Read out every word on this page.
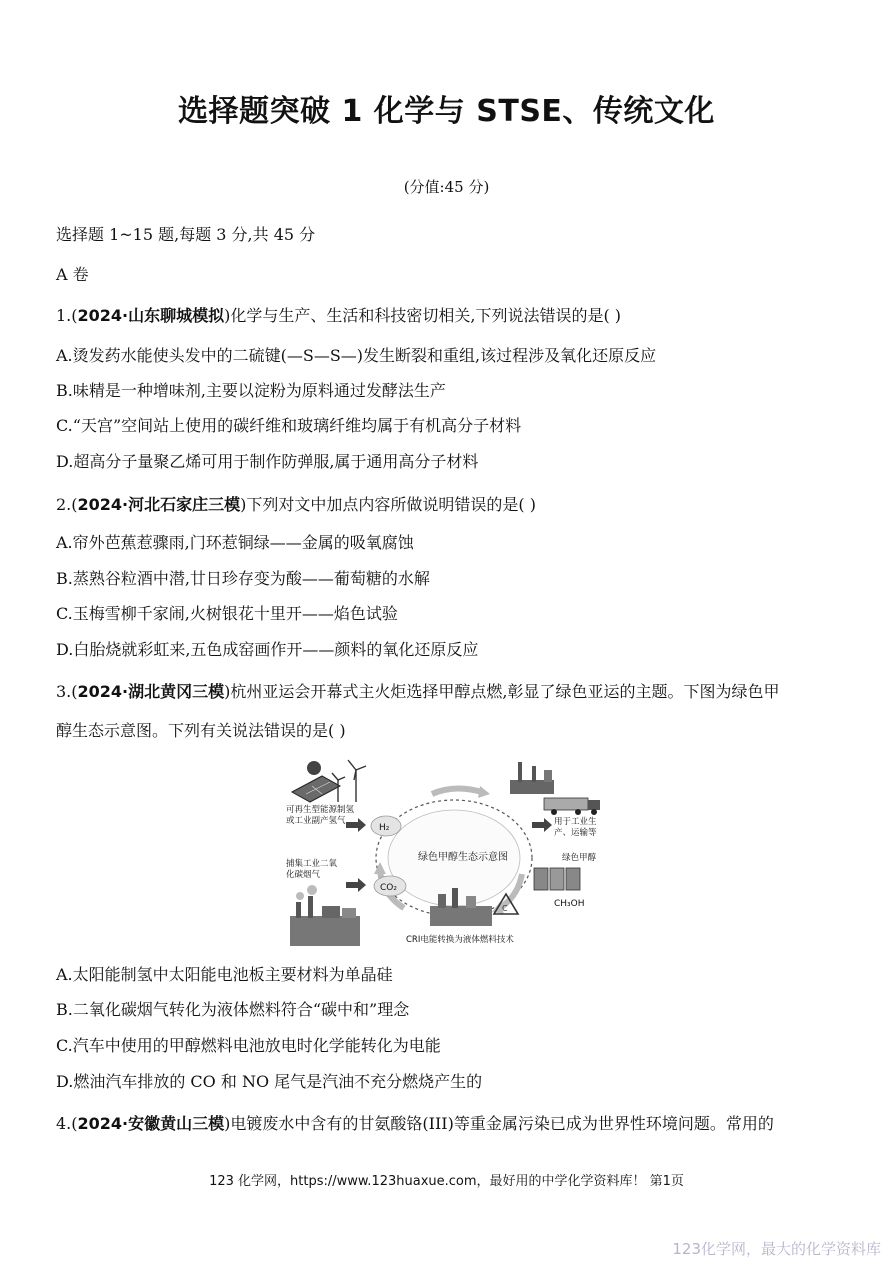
选择题突破 1 化学与 STSE、传统文化
(分值:45 分)
选择题 1~15 题,每题 3 分,共 45 分
A 卷
1.(2024·山东聊城模拟)化学与生产、生活和科技密切相关,下列说法错误的是( )
A.烫发药水能使头发中的二硫键(—S—S—)发生断裂和重组,该过程涉及氧化还原反应
B.味精是一种增味剂,主要以淀粉为原料通过发酵法生产
C.“天宫”空间站上使用的碳纤维和玻璃纤维均属于有机高分子材料
D.超高分子量聚乙烯可用于制作防弹服,属于通用高分子材料
2.(2024·河北石家庄三模)下列对文中加点内容所做说明错误的是( )
A.帘外芭蕉惹骤雨,门环惹铜绿——金属的吸氧腐蚀
B.蒸熟谷粒酒中潜,廿日珍存变为酸——葡萄糖的水解
C.玉梅雪柳千家闹,火树银花十里开——焰色试验
D.白胎烧就彩虹来,五色成窑画作开——颜料的氧化还原反应
3.(2024·湖北黄冈三模)杭州亚运会开幕式主火炬选择甲醇点燃,彰显了绿色亚运的主题。下图为绿色甲
醇生态示意图。下列有关说法错误的是( )
可再生型能源制氢
或工业副产氢气
H₂
绿色甲醇生态示意图
捕集工业二氧
化碳烟气
CO₂
用于工业生
产、运输等
绿色甲醇
CH₃OH
C
CRI电能转换为液体燃料技术
A.太阳能制氢中太阳能电池板主要材料为单晶硅
B.二氧化碳烟气转化为液体燃料符合“碳中和”理念
C.汽车中使用的甲醇燃料电池放电时化学能转化为电能
D.燃油汽车排放的 CO 和 NO 尾气是汽油不充分燃烧产生的
4.(2024·安徽黄山三模)电镀废水中含有的甘氨酸铬(III)等重金属污染已成为世界性环境问题。常用的
123 化学网，https://www.123huaxue.com，最好用的中学化学资料库！ 第1页
123化学网，最大的化学资料库
